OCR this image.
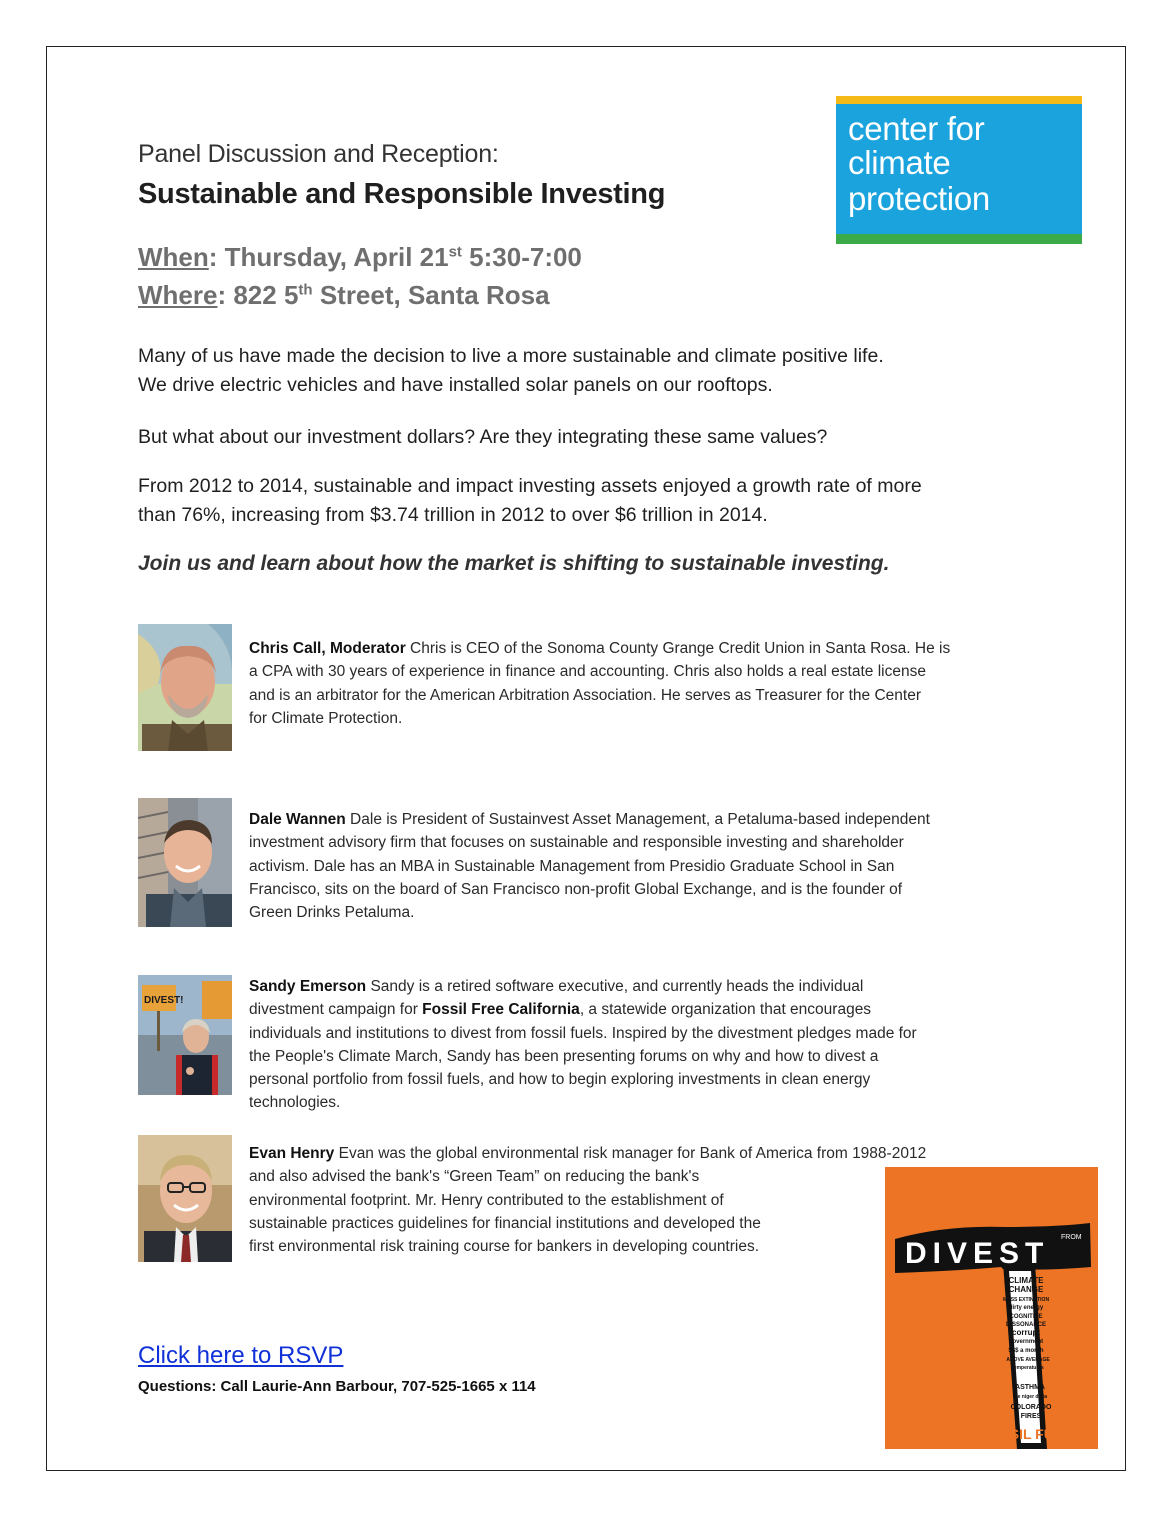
Panel Discussion and Reception:
Sustainable and Responsible Investing
When: Thursday, April 21st 5:30-7:00
Where: 822 5th Street, Santa Rosa
center for
climate
protection
Many of us have made the decision to live a more sustainable and climate positive life.
We drive electric vehicles and have installed solar panels on our rooftops.
But what about our investment dollars? Are they integrating these same values?
From 2012 to 2014, sustainable and impact investing assets enjoyed a growth rate of more
than 76%, increasing from $3.74 trillion in 2012 to over $6 trillion in 2014.
Join us and learn about how the market is shifting to sustainable investing.
Chris Call, Moderator Chris is CEO of the Sonoma County Grange Credit Union in Santa Rosa. He is
a CPA with 30 years of experience in finance and accounting. Chris also holds a real estate license
and is an arbitrator for the American Arbitration Association. He serves as Treasurer for the Center
for Climate Protection.
Dale Wannen Dale is President of Sustainvest Asset Management, a Petaluma-based independent
investment advisory firm that focuses on sustainable and responsible investing and shareholder
activism. Dale has an MBA in Sustainable Management from Presidio Graduate School in San
Francisco, sits on the board of San Francisco non-profit Global Exchange, and is the founder of
Green Drinks Petaluma.
DIVEST!
Sandy Emerson Sandy is a retired software executive, and currently heads the individual
divestment campaign for Fossil Free California, a statewide organization that encourages
individuals and institutions to divest from fossil fuels. Inspired by the divestment pledges made for
the People's Climate March, Sandy has been presenting forums on why and how to divest a
personal portfolio from fossil fuels, and how to begin exploring investments in clean energy
technologies.
Evan Henry Evan was the global environmental risk manager for Bank of America from 1988-2012
and also advised the bank's “Green Team” on reducing the bank's
environmental footprint. Mr. Henry contributed to the establishment of
sustainable practices guidelines for financial institutions and developed the
first environmental risk training course for bankers in developing countries.	DIVEST FROM
CLIMATE
CHANGE
MASS EXTINCTION
dirty energy
COGNITIVE
DISSONANCE
corrupt
government
$$$ a month
ABOVE AVERAGE
temperatures
ASTHMA
the niger delta
COLORADO
FIRES
FOSSIL FUELS
Click here to RSVP
Questions: Call Laurie-Ann Barbour, 707-525-1665 x 114
